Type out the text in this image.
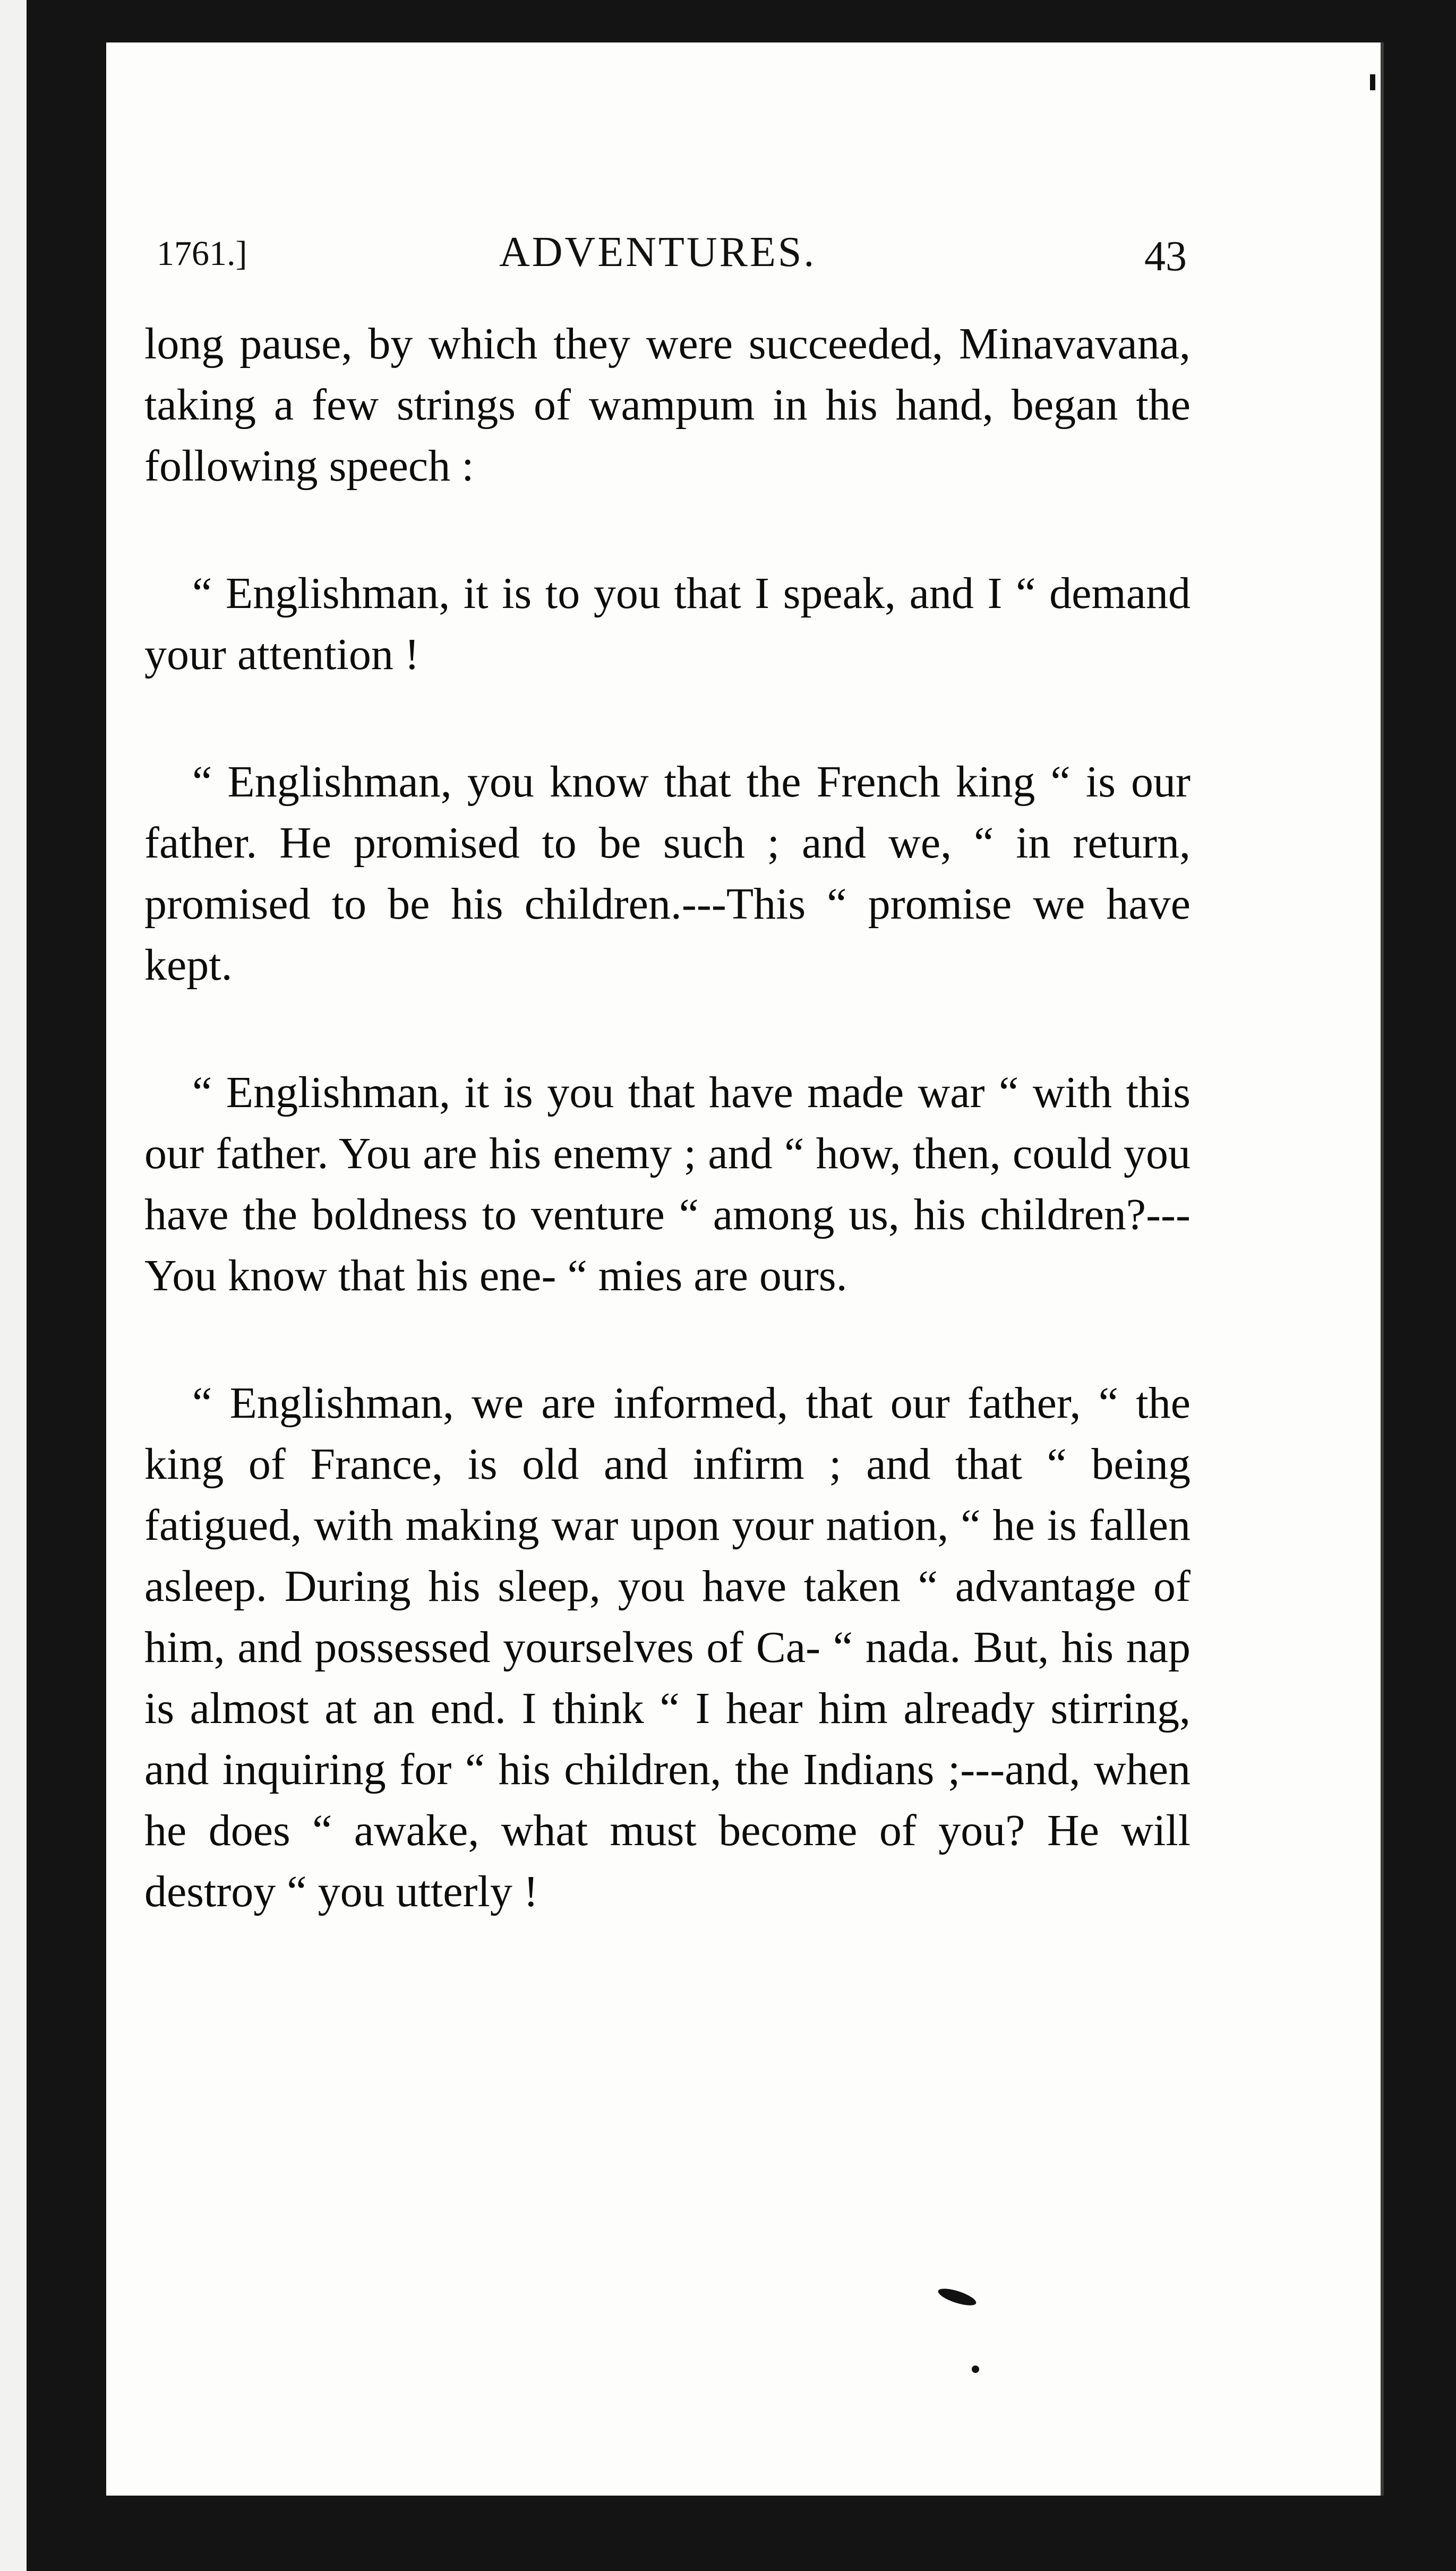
1761.]	ADVENTURES.	43

long pause, by which they were succeeded, Minavavana, taking a few strings of wampum in his hand, began the following speech :

“ Englishman, it is to you that I speak, and I “ demand your attention !

“ Englishman, you know that the French king “ is our father. He promised to be such ; and we, “ in return, promised to be his children.---This “ promise we have kept.

“ Englishman, it is you that have made war “ with this our father. You are his enemy ; and “ how, then, could you have the boldness to venture “ among us, his children?---You know that his ene- “ mies are ours.

“ Englishman, we are informed, that our father, “ the king of France, is old and infirm ; and that “ being fatigued, with making war upon your nation, “ he is fallen asleep. During his sleep, you have taken “ advantage of him, and possessed yourselves of Ca- “ nada. But, his nap is almost at an end. I think “ I hear him already stirring, and inquiring for “ his children, the Indians ;---and, when he does “ awake, what must become of you? He will destroy “ you utterly !
